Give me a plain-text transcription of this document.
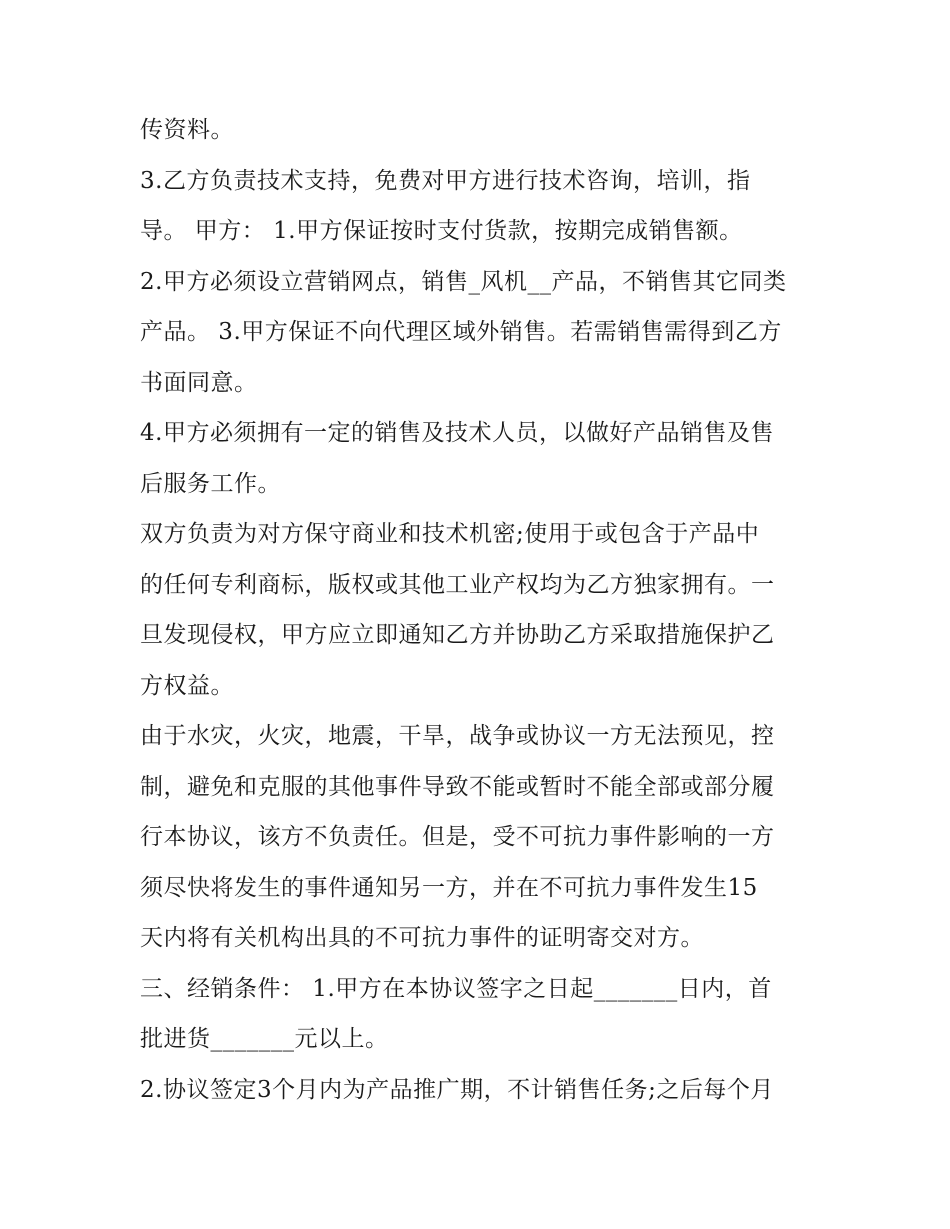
传资料。
3.乙方负责技术支持，免费对甲方进行技术咨询，培训，指
导。 甲方： 1.甲方保证按时支付货款，按期完成销售额。
2.甲方必须设立营销网点，销售_风机__产品，不销售其它同类
产品。 3.甲方保证不向代理区域外销售。若需销售需得到乙方
书面同意。
4.甲方必须拥有一定的销售及技术人员，以做好产品销售及售
后服务工作。
双方负责为对方保守商业和技术机密;使用于或包含于产品中
的任何专利商标，版权或其他工业产权均为乙方独家拥有。一
旦发现侵权，甲方应立即通知乙方并协助乙方采取措施保护乙
方权益。
由于水灾，火灾，地震，干旱，战争或协议一方无法预见，控
制，避免和克服的其他事件导致不能或暂时不能全部或部分履
行本协议，该方不负责任。但是，受不可抗力事件影响的一方
须尽快将发生的事件通知另一方，并在不可抗力事件发生15
天内将有关机构出具的不可抗力事件的证明寄交对方。
三、经销条件： 1.甲方在本协议签字之日起_______日内，首
批进货_______元以上。
2.协议签定3个月内为产品推广期，不计销售任务;之后每个月
